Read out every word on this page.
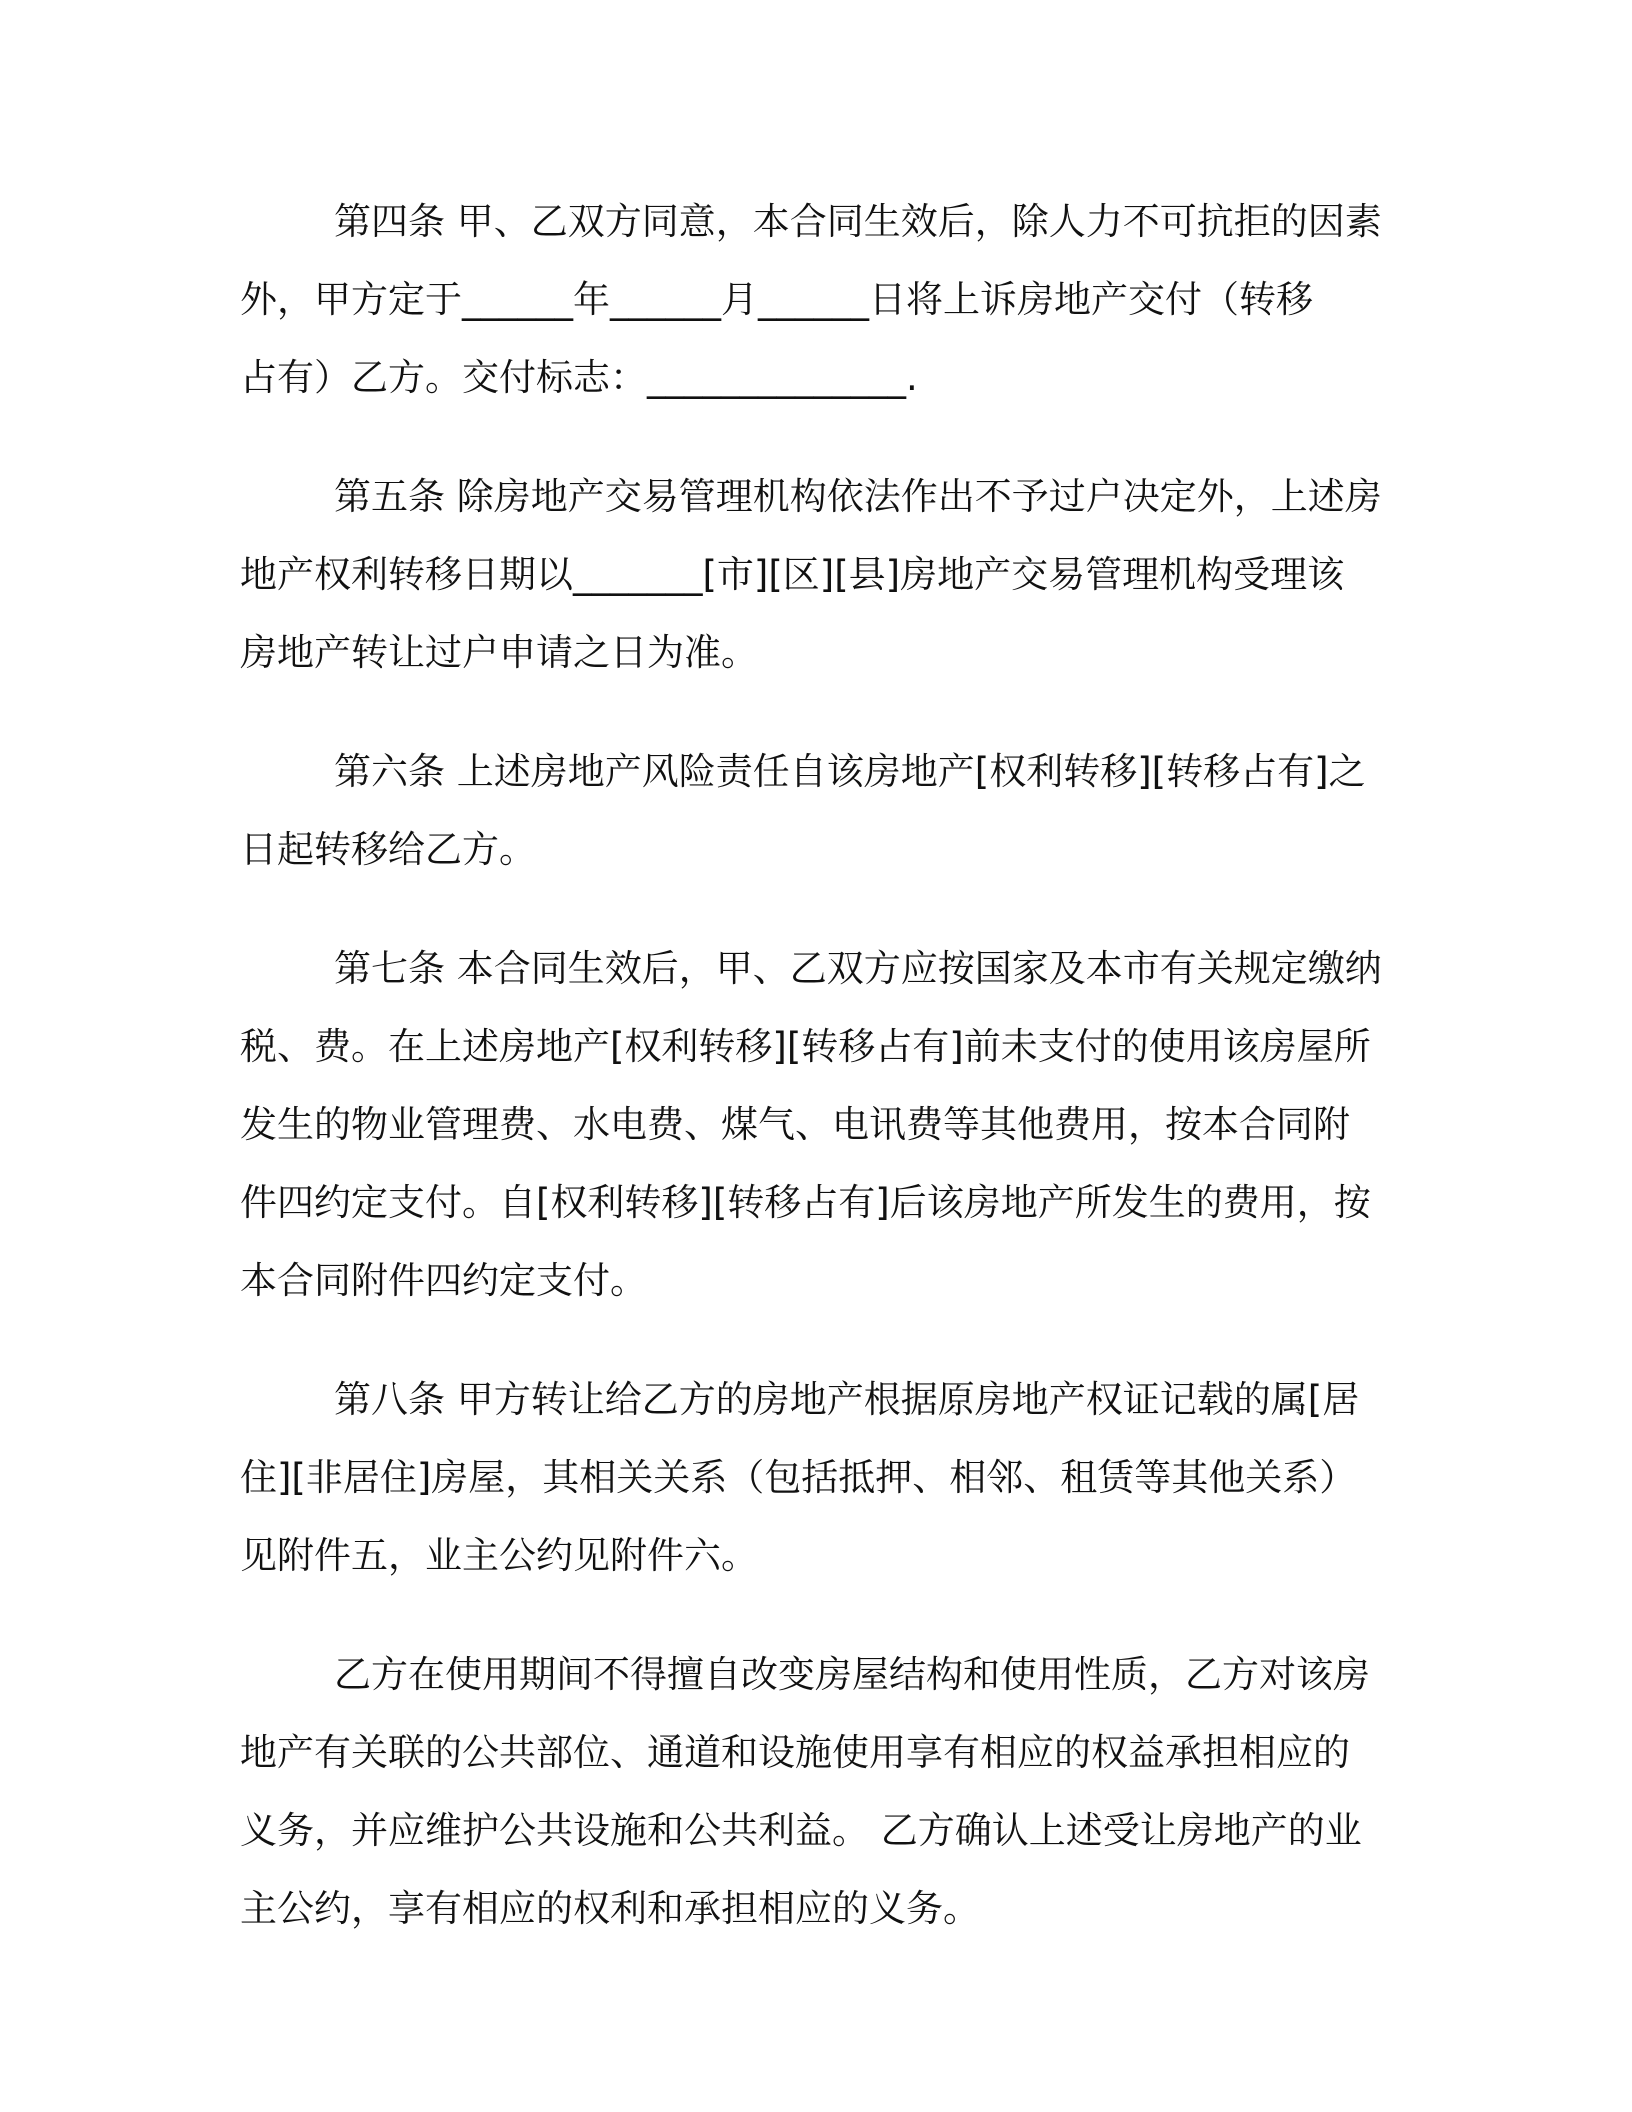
第四条 甲、乙双方同意，本合同生效后，除人力不可抗拒的因素
外，甲方定于______年______月______日将上诉房地产交付（转移
占有）乙方。交付标志：______________.

第五条 除房地产交易管理机构依法作出不予过户决定外，上述房
地产权利转移日期以_______[市][区][县]房地产交易管理机构受理该
房地产转让过户申请之日为准。

第六条 上述房地产风险责任自该房地产[权利转移][转移占有]之
日起转移给乙方。

第七条 本合同生效后，甲、乙双方应按国家及本市有关规定缴纳
税、费。在上述房地产[权利转移][转移占有]前未支付的使用该房屋所
发生的物业管理费、水电费、煤气、电讯费等其他费用，按本合同附
件四约定支付。自[权利转移][转移占有]后该房地产所发生的费用，按
本合同附件四约定支付。

第八条 甲方转让给乙方的房地产根据原房地产权证记载的属[居
住][非居住]房屋，其相关关系（包括抵押、相邻、租赁等其他关系）
见附件五，业主公约见附件六。

乙方在使用期间不得擅自改变房屋结构和使用性质，乙方对该房
地产有关联的公共部位、通道和设施使用享有相应的权益承担相应的
义务，并应维护公共设施和公共利益。 乙方确认上述受让房地产的业
主公约，享有相应的权利和承担相应的义务。
